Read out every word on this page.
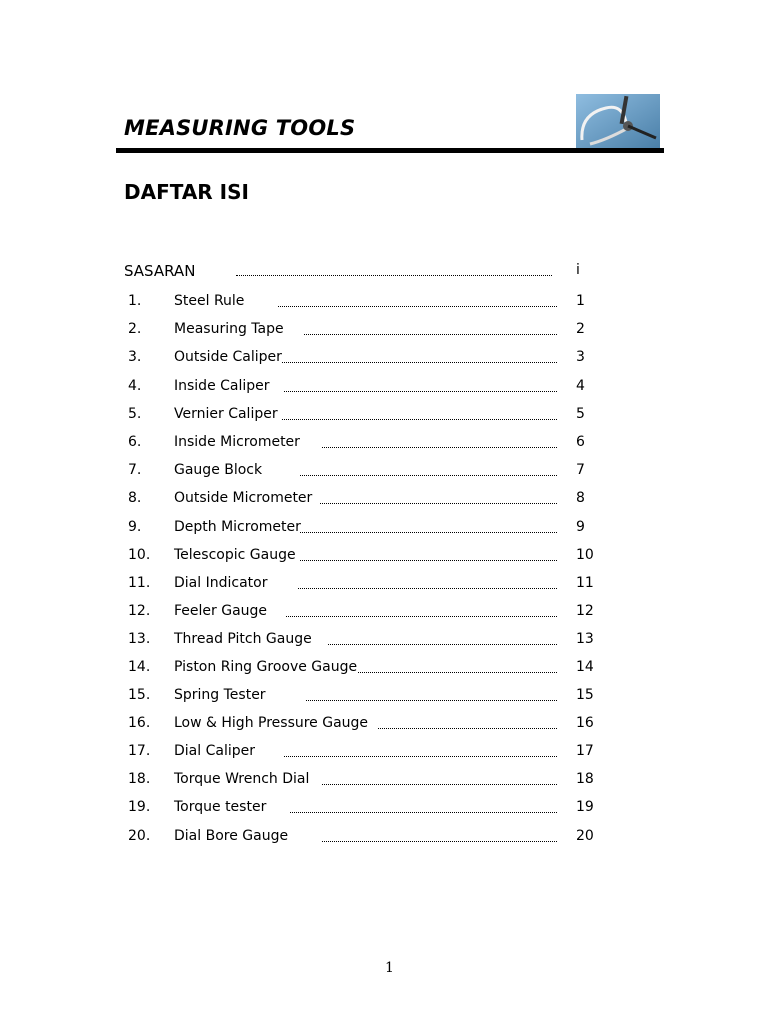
MEASURING TOOLS
DAFTAR ISI
SASARAN	i
1. Steel Rule	1
2. Measuring Tape	2
3. Outside Caliper	3
4. Inside Caliper	4
5. Vernier Caliper	5
6. Inside Micrometer	6
7. Gauge Block	7
8. Outside Micrometer	8
9. Depth Micrometer	9
10. Telescopic Gauge	10
11. Dial Indicator	11
12. Feeler Gauge	12
13. Thread Pitch Gauge	13
14. Piston Ring Groove Gauge	14
15. Spring Tester	15
16. Low & High Pressure Gauge	16
17. Dial Caliper	17
18. Torque Wrench Dial	18
19. Torque tester	19
20. Dial Bore Gauge	20
1
